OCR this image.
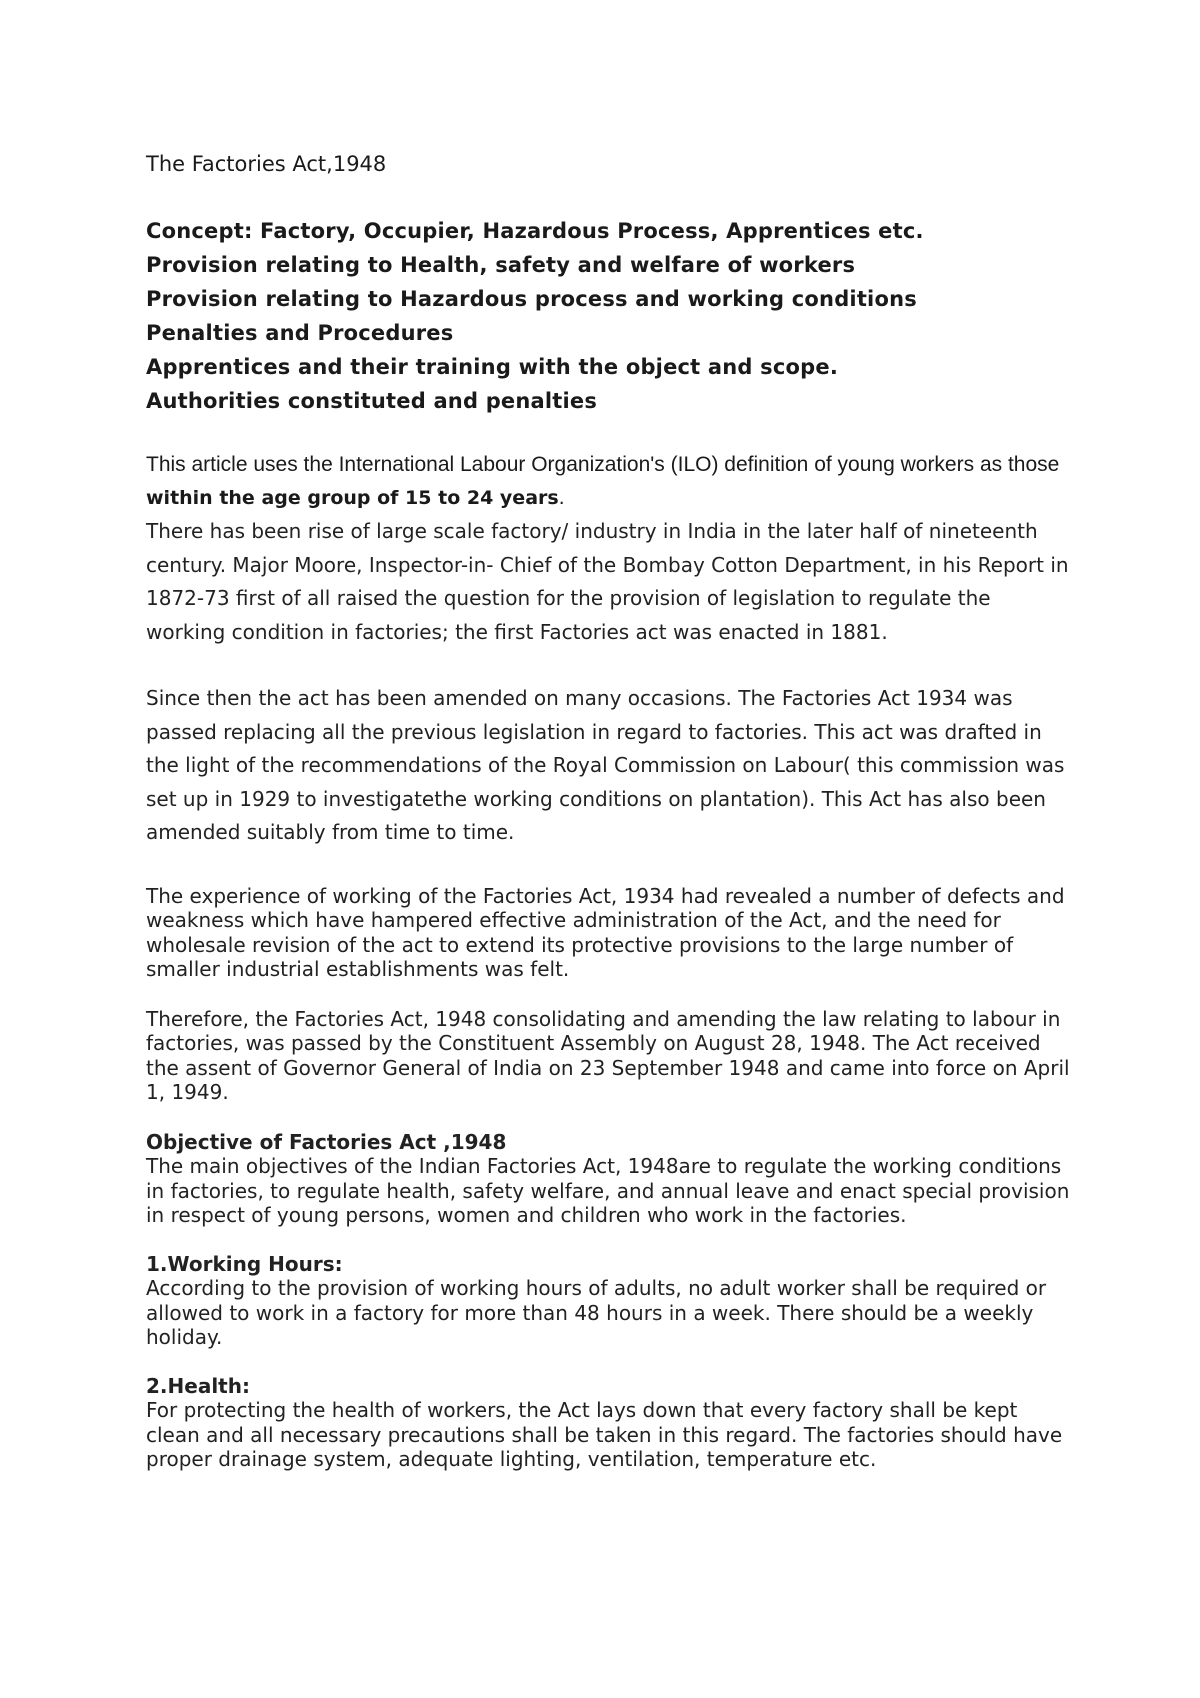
The Factories Act,1948

Concept: Factory, Occupier, Hazardous Process, Apprentices etc.
Provision relating to Health, safety and welfare of workers
Provision relating to Hazardous process and working conditions
Penalties and Procedures
Apprentices and their training with the object and scope.
Authorities constituted and penalties

This article uses the International Labour Organization's (ILO) definition of young workers as those within the age group of 15 to 24 years.

There has been rise of large scale factory/ industry in India in the later half of nineteenth century. Major Moore, Inspector-in- Chief of the Bombay Cotton Department, in his Report in 1872-73 first of all raised the question for the provision of legislation to regulate the working condition in factories; the first Factories act was enacted in 1881.

Since then the act has been amended on many occasions. The Factories Act 1934 was passed replacing all the previous legislation in regard to factories. This act was drafted in the light of the recommendations of the Royal Commission on Labour( this commission was set up in 1929 to investigatethe working conditions on plantation). This Act has also been amended suitably from time to time.

The experience of working of the Factories Act, 1934 had revealed a number of defects and weakness which have hampered effective administration of the Act, and the need for wholesale revision of the act to extend its protective provisions to the large number of smaller industrial establishments was felt.

Therefore, the Factories Act, 1948 consolidating and amending the law relating to labour in factories, was passed by the Constituent Assembly on August 28, 1948. The Act received the assent of Governor General of India on 23 September 1948 and came into force on April 1, 1949.

Objective of Factories Act ,1948

The main objectives of the Indian Factories Act, 1948are to regulate the working conditions in factories, to regulate health, safety welfare, and annual leave and enact special provision in respect of young persons, women and children who work in the factories.

1.Working Hours:

According to the provision of working hours of adults, no adult worker shall be required or allowed to work in a factory for more than 48 hours in a week. There should be a weekly holiday.

2.Health:

For protecting the health of workers, the Act lays down that every factory shall be kept clean and all necessary precautions shall be taken in this regard. The factories should have proper drainage system, adequate lighting, ventilation, temperature etc.
